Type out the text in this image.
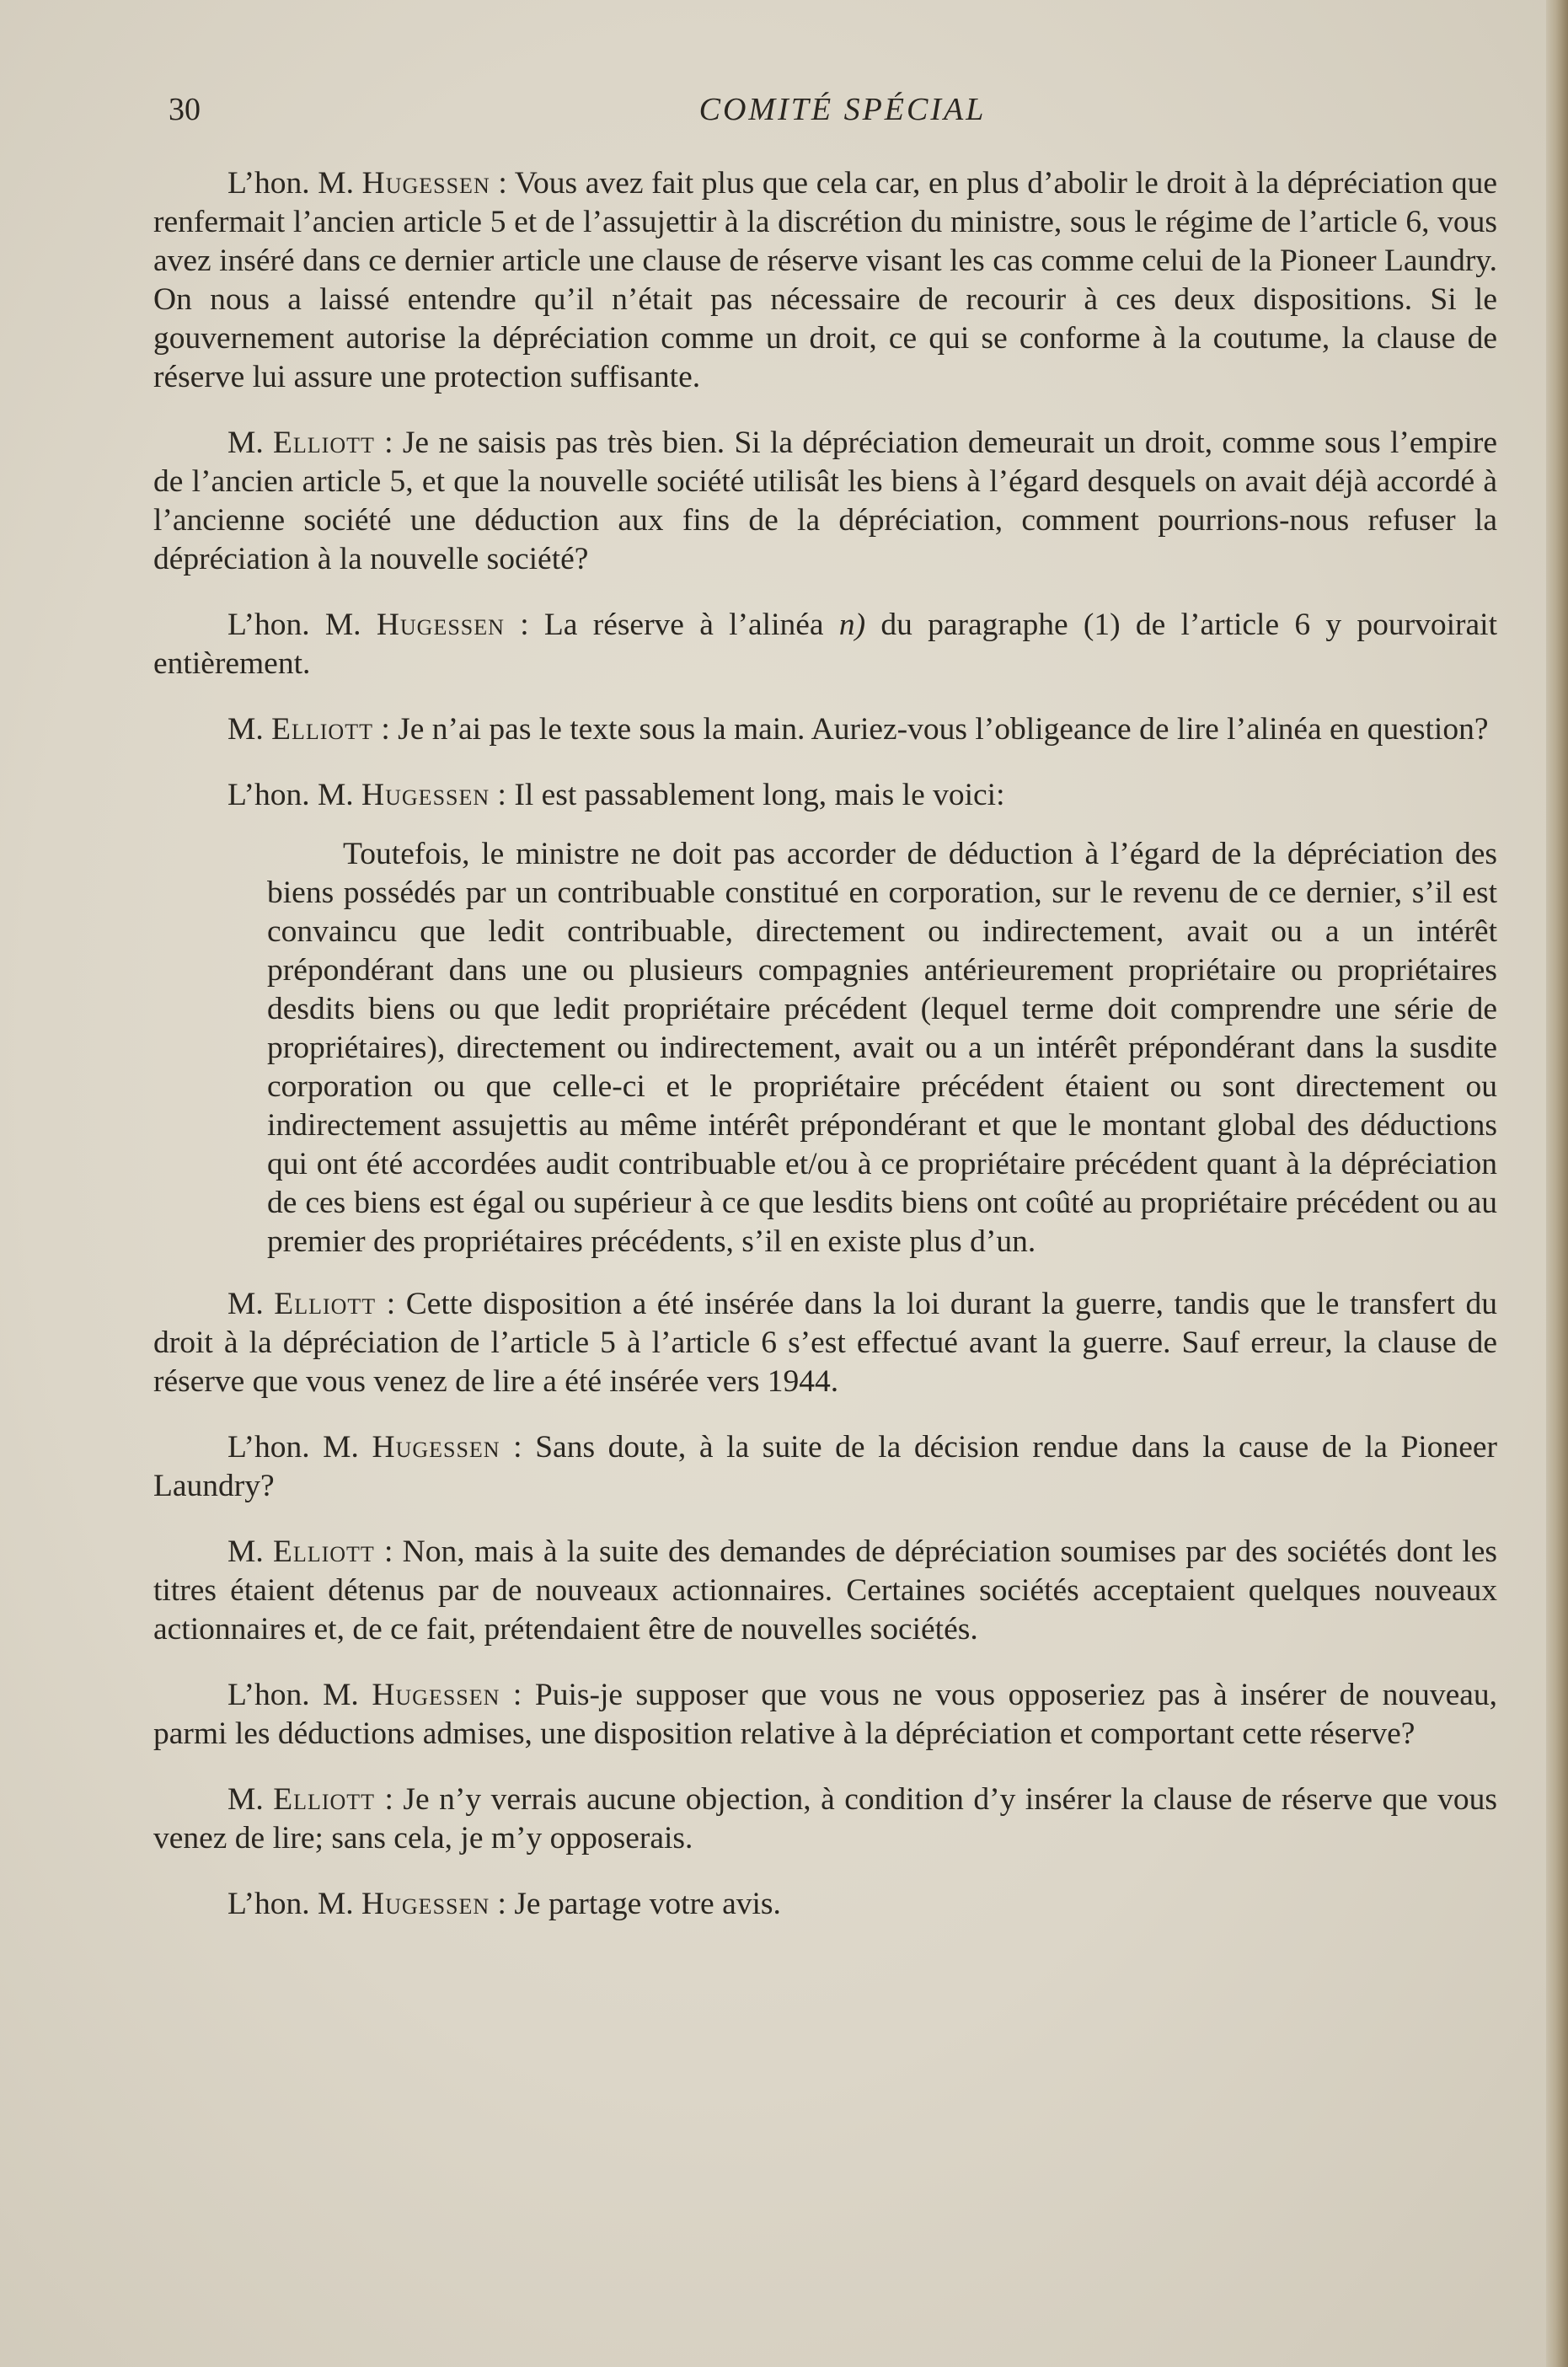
30	COMITÉ SPÉCIAL

L’hon. M. Hugessen : Vous avez fait plus que cela car, en plus d’abolir le droit à la dépréciation que renfermait l’ancien article 5 et de l’assujettir à la discrétion du ministre, sous le régime de l’article 6, vous avez inséré dans ce dernier article une clause de réserve visant les cas comme celui de la Pioneer Laundry. On nous a laissé entendre qu’il n’était pas nécessaire de recourir à ces deux dispositions. Si le gouvernement autorise la dépréciation comme un droit, ce qui se conforme à la coutume, la clause de réserve lui assure une protection suffisante.

M. Elliott : Je ne saisis pas très bien. Si la dépréciation demeurait un droit, comme sous l’empire de l’ancien article 5, et que la nouvelle société utilisât les biens à l’égard desquels on avait déjà accordé à l’ancienne société une déduction aux fins de la dépréciation, comment pourrions-nous refuser la dépréciation à la nouvelle société?

L’hon. M. Hugessen : La réserve à l’alinéa n) du paragraphe (1) de l’article 6 y pourvoirait entièrement.

M. Elliott : Je n’ai pas le texte sous la main. Auriez-vous l’obligeance de lire l’alinéa en question?

L’hon. M. Hugessen : Il est passablement long, mais le voici:

Toutefois, le ministre ne doit pas accorder de déduction à l’égard de la dépréciation des biens possédés par un contribuable constitué en corporation, sur le revenu de ce dernier, s’il est convaincu que ledit contribuable, directement ou indirectement, avait ou a un intérêt prépondérant dans une ou plusieurs compagnies antérieurement propriétaire ou propriétaires desdits biens ou que ledit propriétaire précédent (lequel terme doit comprendre une série de propriétaires), directement ou indirectement, avait ou a un intérêt prépondérant dans la susdite corporation ou que celle-ci et le propriétaire précédent étaient ou sont directement ou indirectement assujettis au même intérêt prépondérant et que le montant global des déductions qui ont été accordées audit contribuable et/ou à ce propriétaire précédent quant à la dépréciation de ces biens est égal ou supérieur à ce que lesdits biens ont coûté au propriétaire précédent ou au premier des propriétaires précédents, s’il en existe plus d’un.

M. Elliott : Cette disposition a été insérée dans la loi durant la guerre, tandis que le transfert du droit à la dépréciation de l’article 5 à l’article 6 s’est effectué avant la guerre. Sauf erreur, la clause de réserve que vous venez de lire a été insérée vers 1944.

L’hon. M. Hugessen : Sans doute, à la suite de la décision rendue dans la cause de la Pioneer Laundry?

M. Elliott : Non, mais à la suite des demandes de dépréciation soumises par des sociétés dont les titres étaient détenus par de nouveaux actionnaires. Certaines sociétés acceptaient quelques nouveaux actionnaires et, de ce fait, prétendaient être de nouvelles sociétés.

L’hon. M. Hugessen : Puis-je supposer que vous ne vous opposeriez pas à insérer de nouveau, parmi les déductions admises, une disposition relative à la dépréciation et comportant cette réserve?

M. Elliott : Je n’y verrais aucune objection, à condition d’y insérer la clause de réserve que vous venez de lire; sans cela, je m’y opposerais.

L’hon. M. Hugessen : Je partage votre avis.
